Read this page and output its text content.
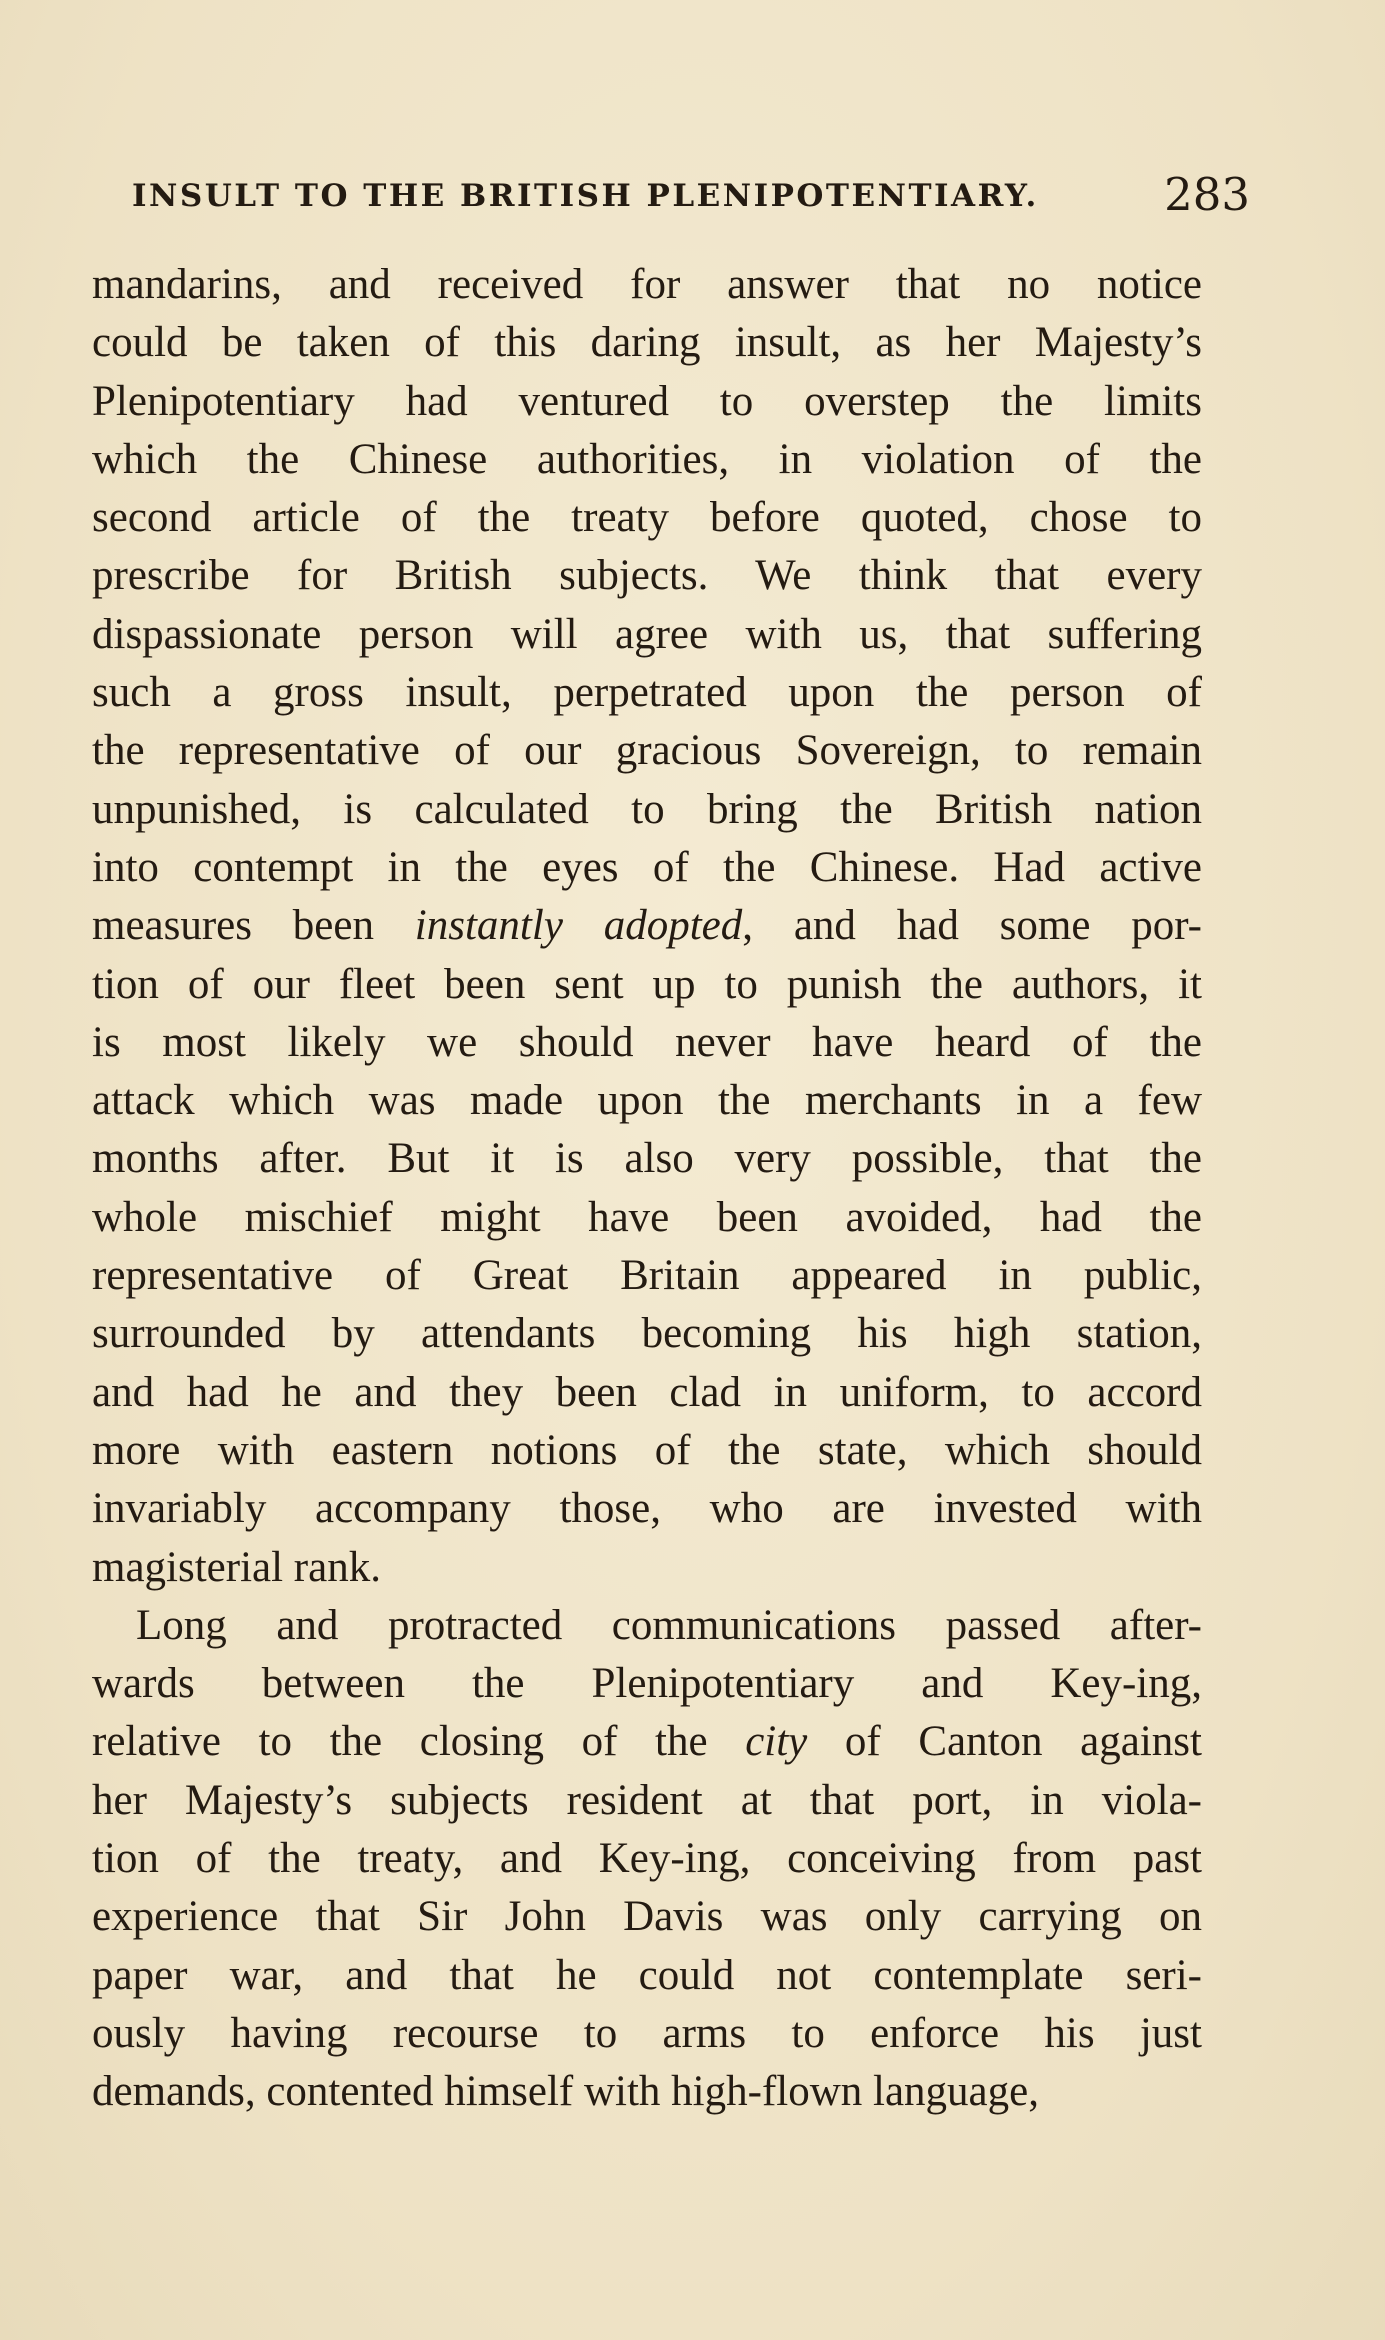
INSULT TO THE BRITISH PLENIPOTENTIARY.	283
mandarins, and received for answer that no notice
could be taken of this daring insult, as her Majesty’s
Plenipotentiary had ventured to overstep the limits
which the Chinese authorities, in violation of the
second article of the treaty before quoted, chose to
prescribe for British subjects. We think that every
dispassionate person will agree with us, that suffering
such a gross insult, perpetrated upon the person of
the representative of our gracious Sovereign, to remain
unpunished, is calculated to bring the British nation
into contempt in the eyes of the Chinese. Had active
measures been instantly adopted, and had some por-
tion of our fleet been sent up to punish the authors, it
is most likely we should never have heard of the
attack which was made upon the merchants in a few
months after. But it is also very possible, that the
whole mischief might have been avoided, had the
representative of Great Britain appeared in public,
surrounded by attendants becoming his high station,
and had he and they been clad in uniform, to accord
more with eastern notions of the state, which should
invariably accompany those, who are invested with
magisterial rank.
Long and protracted communications passed after-
wards between the Plenipotentiary and Key-ing,
relative to the closing of the city of Canton against
her Majesty’s subjects resident at that port, in viola-
tion of the treaty, and Key-ing, conceiving from past
experience that Sir John Davis was only carrying on
paper war, and that he could not contemplate seri-
ously having recourse to arms to enforce his just
demands, contented himself with high-flown language,
